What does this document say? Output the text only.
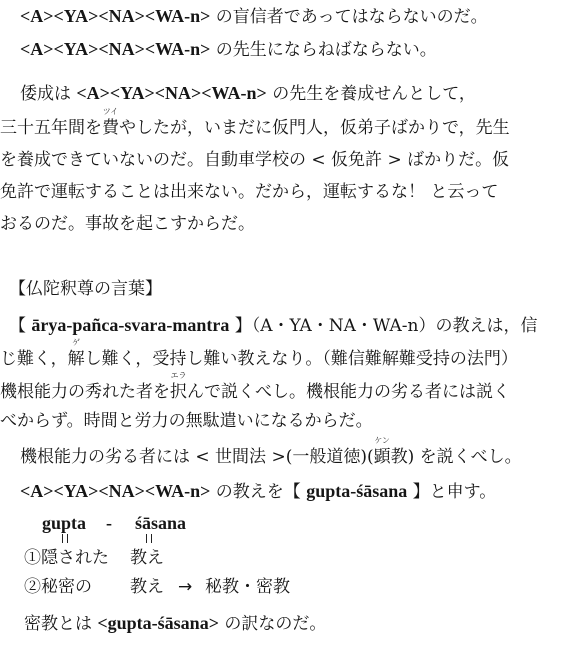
<A><YA><NA><WA-n> の盲信者であってはならないのだ。
<A><YA><NA><WA-n> の先生にならねばならない。
倭成は <A><YA><NA><WA-n> の先生を養成せんとして，
三十五年間を費
ツイ
やしたが，いまだに仮門人，仮弟子ばかりで，先生
を養成できていないのだ。自動車学校の < 仮免許 > ばかりだ。仮
免許で運転することは出来ない。だから，運転するな！ と云って
おるのだ。事故を起こすからだ。
【仏陀釈尊の言葉】
【 ārya-pañca-svara-mantra 】（A・YA・NA・WA-n）の教えは，信
じ難く，解
ゲ
し難く，受持し難い教えなり。（難信難解難受持の法門）
機根能力の秀れた者を択
エラ
んで説くべし。機根能力の劣る者には説く
べからず。時間と労力の無駄遣いになるからだ。
機根能力の劣る者には < 世間法 >(一般道徳)(顕
ケン
教) を説くべし。
<A><YA><NA><WA-n> の教えを【 gupta-śāsana 】と申す。
gupta - śāsana
①隠された 教え
②秘密の 教え → 秘教・密教
密教とは <gupta-śāsana> の訳なのだ。
